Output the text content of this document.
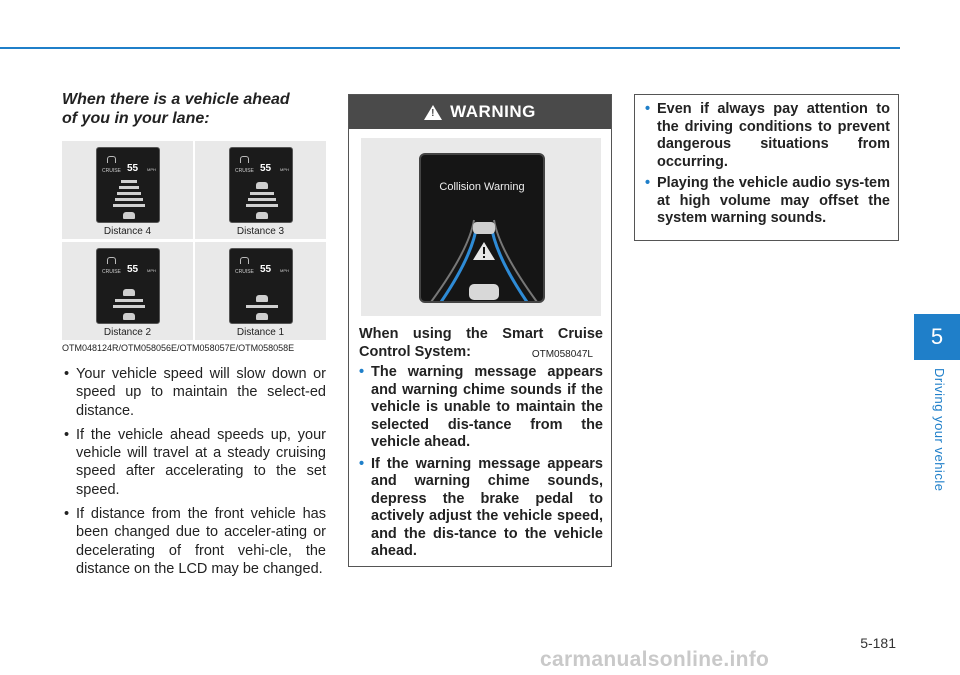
When there is a vehicle ahead
of you in your lane:
CRUISE 55 MPH
Distance 4
CRUISE 55 MPH
Distance 3
CRUISE 55 MPH
Distance 2
CRUISE 55 MPH
Distance 1
OTM048124R/OTM058056E/OTM058057E/OTM058058E
• Your vehicle speed will slow down or speed up to maintain the select-ed distance.
• If the vehicle ahead speeds up, your vehicle will travel at a steady cruising speed after accelerating to the set speed.
• If distance from the front vehicle has been changed due to acceler-ating or decelerating of front vehi-cle, the distance on the LCD may be changed.
!
WARNING
Collision Warning
OTM058047L
When using the Smart Cruise Control System:
• The warning message appears and warning chime sounds if the vehicle is unable to maintain the selected dis-tance from the vehicle ahead.
• If the warning message appears and warning chime sounds, depress the brake pedal to actively adjust the vehicle speed, and the dis-tance to the vehicle ahead.
• Even if always pay attention to the driving conditions to prevent dangerous situations from occurring.
• Playing the vehicle audio sys-tem at high volume may offset the system warning sounds.
5
Driving your vehicle
5-181
carmanualsonline.info
